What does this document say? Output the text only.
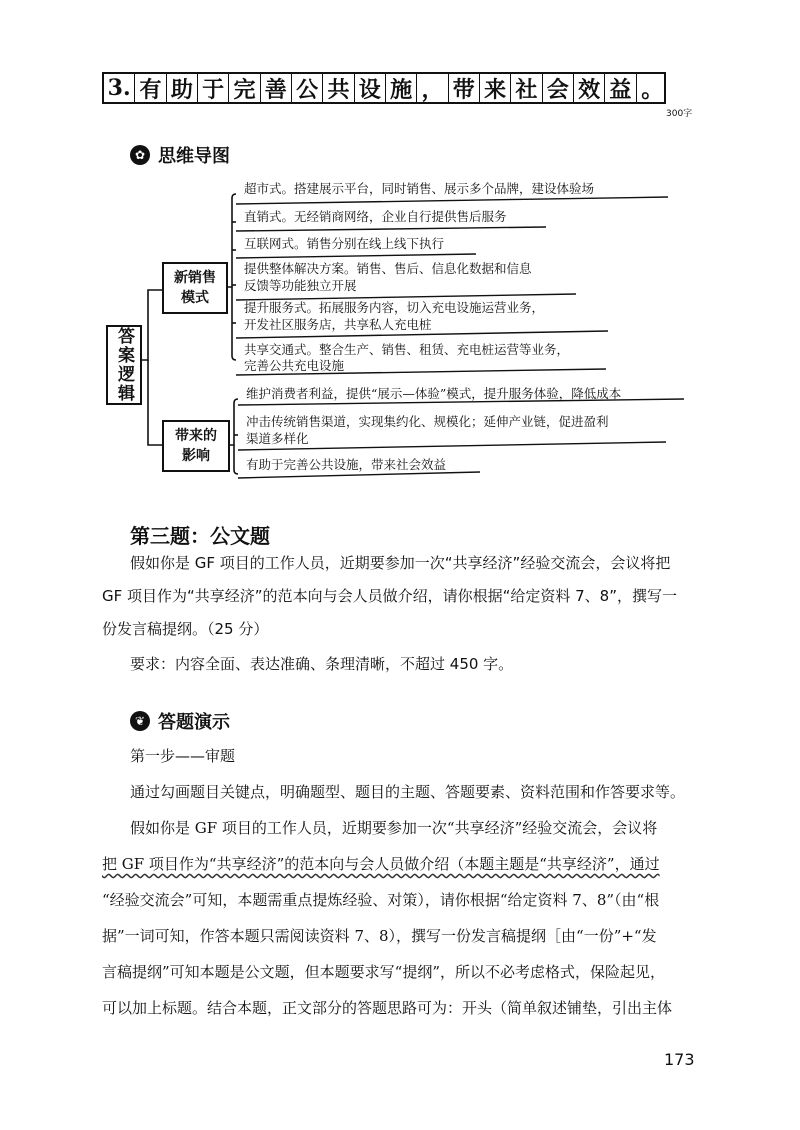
3. 有 助 于 完 善 公 共 设 施 ， 带 来 社 会 效 益 。
300字
✿ 思维导图
答案逻辑
新销售模式
带来的影响
超市式。搭建展示平台，同时销售、展示多个品牌，建设体验场
直销式。无经销商网络，企业自行提供售后服务
互联网式。销售分别在线上线下执行
提供整体解决方案。销售、售后、信息化数据和信息
反馈等功能独立开展
提升服务式。拓展服务内容，切入充电设施运营业务，
开发社区服务店，共享私人充电桩
共享交通式。整合生产、销售、租赁、充电桩运营等业务，
完善公共充电设施
维护消费者利益，提供“展示—体验”模式，提升服务体验，降低成本
冲击传统销售渠道，实现集约化、规模化；延伸产业链，促进盈利
渠道多样化
有助于完善公共设施，带来社会效益
第三题：公文题
假如你是 GF 项目的工作人员，近期要参加一次“共享经济”经验交流会，会议将把
GF 项目作为“共享经济”的范本向与会人员做介绍，请你根据“给定资料 7、8”，撰写一
份发言稿提纲。（25 分）
要求：内容全面、表达准确、条理清晰，不超过 450 字。
❦ 答题演示
第一步——审题
通过勾画题目关键点，明确题型、题目的主题、答题要素、资料范围和作答要求等。
假如你是 GF 项目的工作人员，近期要参加一次“共享经济”经验交流会，会议将
把 GF 项目作为“共享经济”的范本向与会人员做介绍（本题主题是“共享经济”，通过
“经验交流会”可知，本题需重点提炼经验、对策），请你根据“给定资料 7、8”（由“根
据”一词可知，作答本题只需阅读资料 7、8），撰写一份发言稿提纲［由“一份”+“发
言稿提纲”可知本题是公文题，但本题要求写“提纲”，所以不必考虑格式，保险起见，
可以加上标题。结合本题，正文部分的答题思路可为：开头（简单叙述铺垫，引出主体
173
